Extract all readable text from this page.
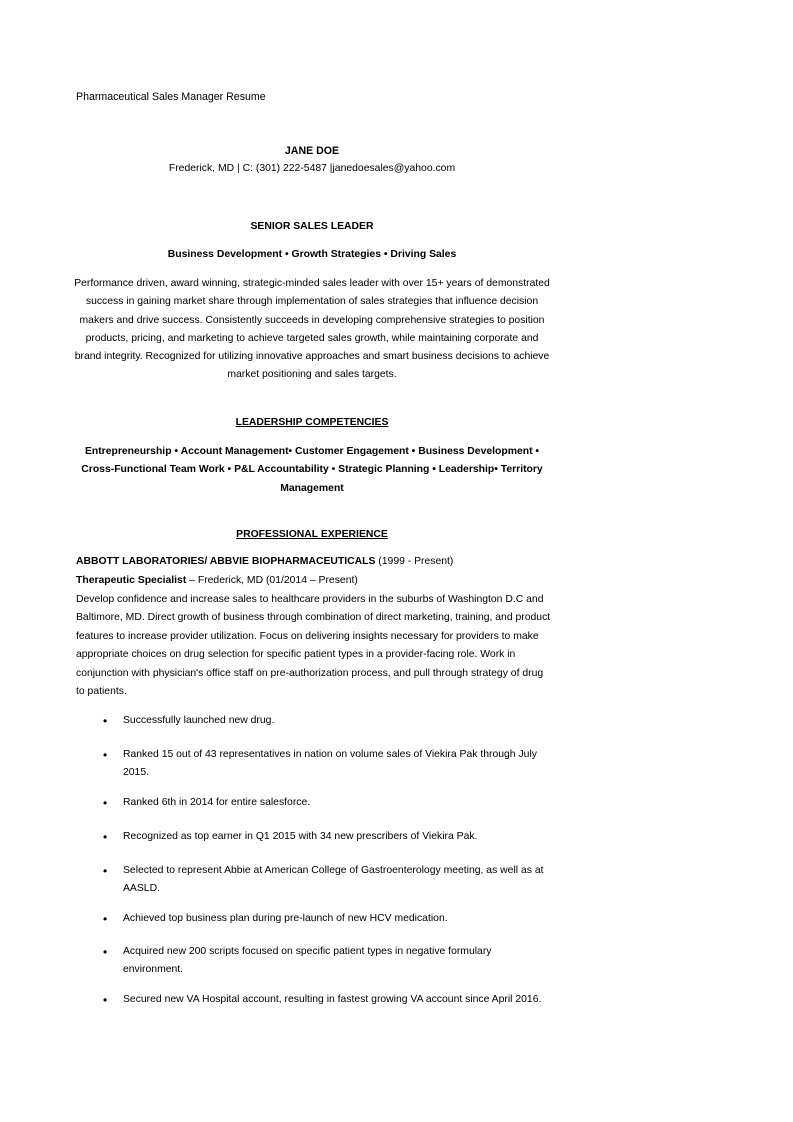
Pharmaceutical Sales Manager Resume
JANE DOE
Frederick, MD | C: (301) 222-5487 |janedoesales@yahoo.com
SENIOR SALES LEADER
Business Development • Growth Strategies • Driving Sales
Performance driven, award winning, strategic-minded sales leader with over 15+ years of demonstrated success in gaining market share through implementation of sales strategies that influence decision makers and drive success. Consistently succeeds in developing comprehensive strategies to position products, pricing, and marketing to achieve targeted sales growth, while maintaining corporate and brand integrity. Recognized for utilizing innovative approaches and smart business decisions to achieve market positioning and sales targets.
LEADERSHIP COMPETENCIES
Entrepreneurship • Account Management• Customer Engagement • Business Development • Cross-Functional Team Work • P&L Accountability • Strategic Planning • Leadership• Territory Management
PROFESSIONAL EXPERIENCE
ABBOTT LABORATORIES/ ABBVIE BIOPHARMACEUTICALS (1999 - Present)
Therapeutic Specialist – Frederick, MD (01/2014 – Present)
Develop confidence and increase sales to healthcare providers in the suburbs of Washington D.C and Baltimore, MD. Direct growth of business through combination of direct marketing, training, and product features to increase provider utilization. Focus on delivering insights necessary for providers to make appropriate choices on drug selection for specific patient types in a provider-facing role. Work in conjunction with physician's office staff on pre-authorization process, and pull through strategy of drug to patients.
• Successfully launched new drug.
• Ranked 15 out of 43 representatives in nation on volume sales of Viekira Pak through July 2015.
• Ranked 6th in 2014 for entire salesforce.
• Recognized as top earner in Q1 2015 with 34 new prescribers of Viekira Pak.
• Selected to represent Abbie at American College of Gastroenterology meeting, as well as at AASLD.
• Achieved top business plan during pre-launch of new HCV medication.
• Acquired new 200 scripts focused on specific patient types in negative formulary environment.
• Secured new VA Hospital account, resulting in fastest growing VA account since April 2016.
